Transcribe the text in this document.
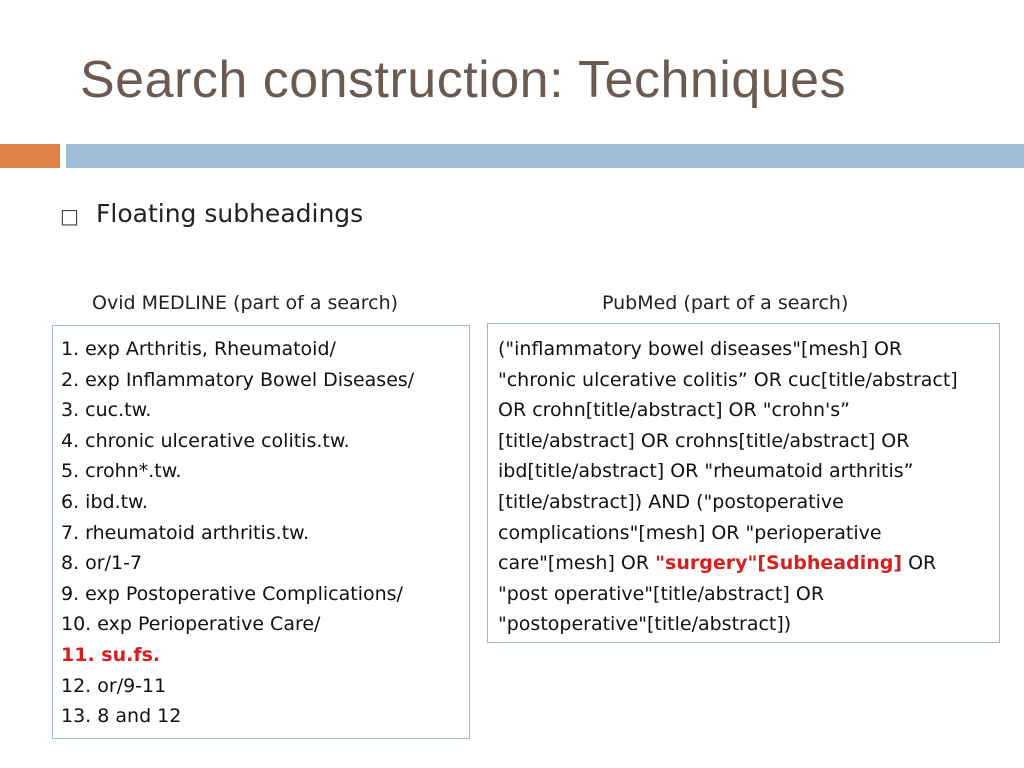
Search construction: Techniques
□ Floating subheadings
Ovid MEDLINE (part of a search)	PubMed (part of a search)
1. exp Arthritis, Rheumatoid/
2. exp Inflammatory Bowel Diseases/
3. cuc.tw.
4. chronic ulcerative colitis.tw.
5. crohn*.tw.
6. ibd.tw.
7. rheumatoid arthritis.tw.
8. or/1-7
9. exp Postoperative Complications/
10. exp Perioperative Care/
11. su.fs.
12. or/9-11
13. 8 and 12
("inflammatory bowel diseases"[mesh] OR
"chronic ulcerative colitis” OR cuc[title/abstract]
OR crohn[title/abstract] OR "crohn's”
[title/abstract] OR crohns[title/abstract] OR
ibd[title/abstract] OR "rheumatoid arthritis”
[title/abstract]) AND ("postoperative
complications"[mesh] OR "perioperative
care"[mesh] OR "surgery"[Subheading] OR
"post operative"[title/abstract] OR
"postoperative"[title/abstract])
